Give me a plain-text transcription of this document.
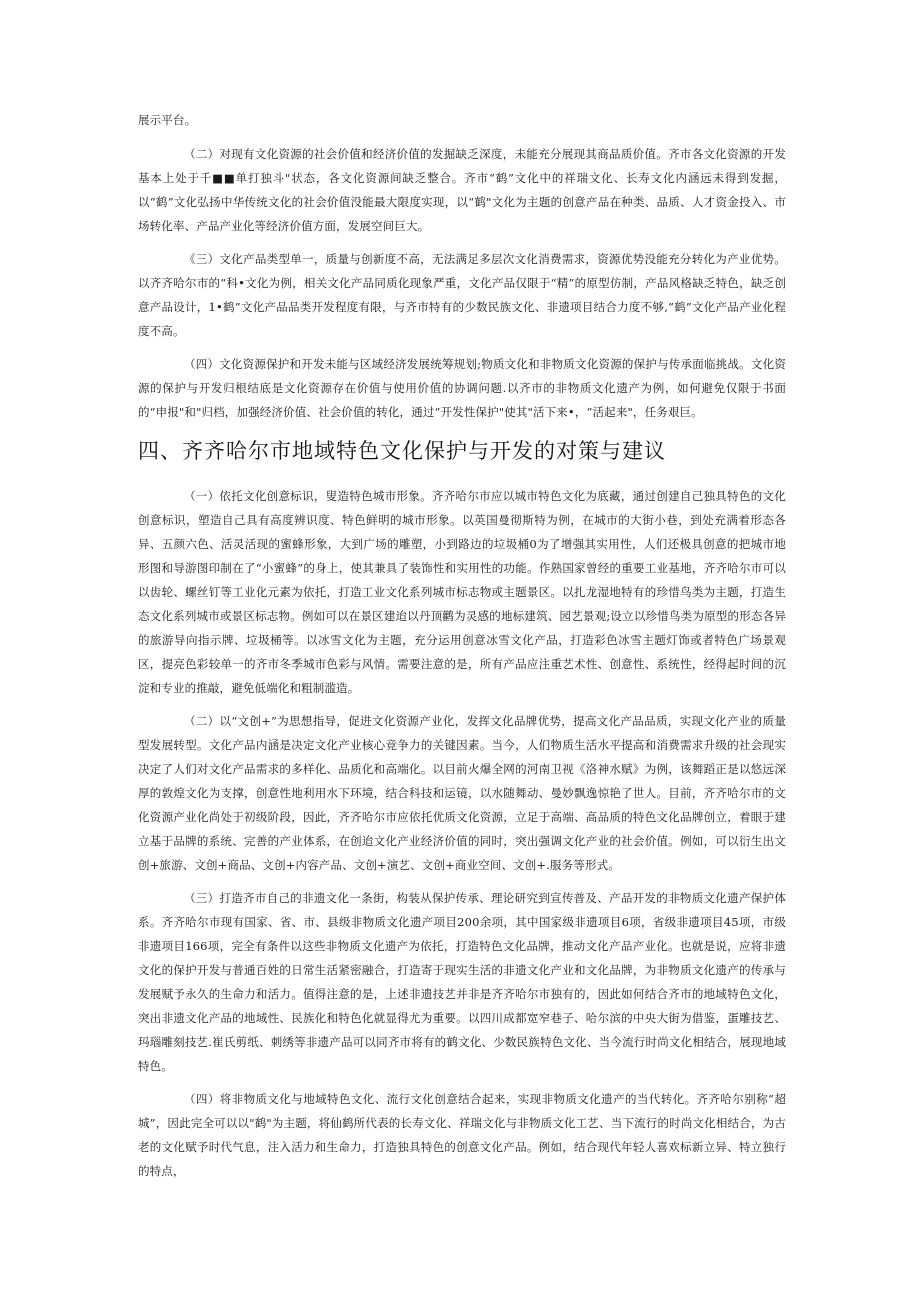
展示平台。

（二）对现有文化资源的社会价值和经济价值的发掘缺乏深度，未能充分展现其商品质价值。齐市各文化资源的开发基本上处于千■■单打独斗"状态，各文化资源间缺乏整合。齐市“鹤”文化中的祥瑞文化、长寿文化内涵远未得到发掘，以“鹤”文化弘扬中华传统文化的社会价值没能最大限度实现，以“鹤"文化为主题的创意产品在种类、品质、人才资金投入、市场转化率、产品产业化等经济价值方面，发展空间巨大。

《三）文化产品类型单一，质量与创新度不高，无法满足多层次文化消费需求，资源优势没能充分转化为产业优势。以齐齐哈尔市的“科•文化为例，相关文化产品同质化现象严重，文化产品仅限于“精”的原型仿制，产品风格缺乏特色，缺乏创意产品设计，1•鹤”文化产品品类开发程度有限，与齐市特有的少数民族文化、非遗项目结合力度不够,“鹤”文化产品产业化程度不高。

（四）文化资源保护和开发未能与区域经济发展统筹规划;物质文化和非物质文化资源的保护与传承面临挑战。文化资源的保护与开发归根结底是文化资源存在价值与使用价值的协调问题.以齐市的非物质文化遗产为例，如何避免仅限于书面的“申报"和"归档，加强经济价值、社会价值的转化，通过“开发性保护"使其"活下来•，“活起来"，任务艰巨。

四、齐齐哈尔市地域特色文化保护与开发的对策与建议

（一）依托文化创意标识，叟造特色城市形象。齐齐哈尔市应以城市特色文化为底藏，通过创建自己独具特色的文化创意标识，塑造自己具有高度辨识度、特色鲜明的城市形象。以英国曼彻斯特为例，在城市的大街小巷，到处充满着形态各异、五颜六色、活灵活现的蜜蜂形象，大到广场的雕塑，小到路边的垃圾桶0为了增强其实用性，人们还极具创意的把城市地形图和导游图印制在了“小蜜蜂”的身上，使其兼具了装饰性和实用性的功能。作熟国家曾经的重要工业基地，齐齐哈尔市可以以齿轮、螺丝钉等工业化元素为依托，打造工业文化系列城市标志物或主题景区。以扎龙湿地特有的珍惜鸟类为主题，打造生态文化系列城市或景区标志物。例如可以在景区建迨以丹顶鹳为灵感的地标建筑、园艺景观;设立以珍惜鸟类为原型的形态各异的旅游导向指示牌、垃圾桶等。以冰雪文化为主题，充分运用创意冰雪文化产品，打造彩色冰雪主题灯饰或者特色广场景观区，提亮色彩较单一的齐市冬季城市色彩与风情。需要注意的是，所有产品应注重艺术性、创意性、系统性，经得起时间的沉淀和专业的推敲，避免低端化和粗制滥造。

（二）以“文创+”为思想指导，促进文化资源产业化，发挥文化品牌优势，提高文化产品品质，实现文化产业的质量型发展转型。文化产品内涵是决定文化产业核心竞争力的关键因素。当今，人们物质生活水平提高和消费需求升级的社会现实决定了人们对文化产品需求的多样化、品质化和高端化。以目前火爆全网的河南卫视《洛神水赋》为例，该舞蹈正是以悠远深厚的敦煌文化为支撑，创意性地利用水下环境，结合科技和运镜，以水随舞动、曼妙飘逸惊艳了世人。目前，齐齐哈尔市的文化资源产业化尚处于初级阶段，因此，齐齐哈尔市应依托优质文化资源，立足于高端、高品质的特色文化品牌创立，着眼于建立基于品牌的系统、完善的产业体系，在创迨文化产业经济价值的同时，突出强调文化产业的社会价值。例如，可以衍生出文创+旅游、文创+商品、文创+内容产品、文创+演艺、文创+商业空间、文创+.服务等形式。

（三）打造齐市自己的非遗文化一条街，构装从保护传承、理论研究到宣传普及、产品开发的非物质文化遗产保护体系。齐齐哈尔市现有国家、省、市、县级非物质文化遗产项目200余项，其中国家级非遗项目6项，省级非遗项目45项，市级非遗项目166项，完全有条件以这些非物质文化遗产为依托，打造特色文化品牌，推动文化产品产业化。也就是说，应将非遗文化的保护开发与普通百姓的日常生活紧密融合，打造寄于现实生活的非遗文化产业和文化品牌，为非物质文化遗产的传承与发展赋予永久的生命力和活力。值得注意的是，上述非遗技艺并非是齐齐哈尔市独有的，因此如何结合齐市的地域特色文化，突出非遗文化产品的地域性、民族化和特色化就显得尤为重要。以四川成都宽窄巷子、哈尔滨的中央大街为借鉴，蛋雕技艺、玛瑙雕刻技艺.崔氏剪纸、刺绣等非遗产品可以同齐市将有的鹤文化、少数民族特色文化、当今流行时尚文化相结合，展现地域特色。

（四）将非物质文化与地域特色文化、流行文化创意结合起来，实现非物质文化遗产的当代转化。齐齐哈尔别称“超城”，因此完全可以以"鹤"为主题，将仙鹤所代表的长寿文化、祥瑞文化与非物质文化工艺、当下流行的时尚文化相结合，为古老的文化赋予时代气息，注入活力和生命力，打造独具特色的创意文化产品。例如，结合现代年轻人喜欢标新立异、特立独行的特点，
